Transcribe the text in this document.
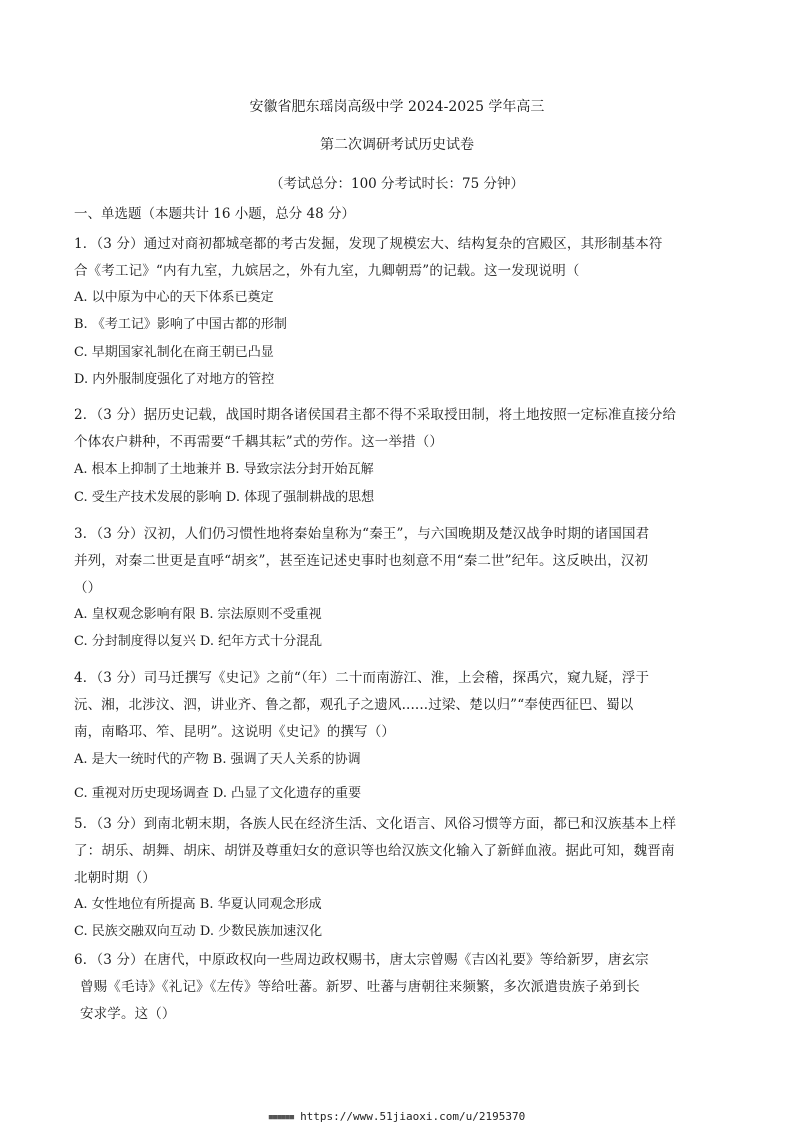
安徽省肥东瑶岗高级中学 2024-2025 学年高三
第二次调研考试历史试卷
（考试总分：100 分考试时长：75 分钟）
一、单选题（本题共计 16 小题，总分 48 分）
1．（3 分）通过对商初都城亳都的考古发掘，发现了规模宏大、结构复杂的宫殿区，其形制基本符
合《考工记》“内有九室，九嫔居之，外有九室，九卿朝焉”的记载。这一发现说明（
A. 以中原为中心的天下体系已奠定
B. 《考工记》影响了中国古都的形制
C. 早期国家礼制化在商王朝已凸显
D. 内外服制度强化了对地方的管控
2．（3 分）据历史记载，战国时期各诸侯国君主都不得不采取授田制，将土地按照一定标准直接分给
个体农户耕种，不再需要“千耦其耘”式的劳作。这一举措（）
A. 根本上抑制了土地兼并 B. 导致宗法分封开始瓦解
C. 受生产技术发展的影响 D. 体现了强制耕战的思想
3．（3 分）汉初，人们仍习惯性地将秦始皇称为“秦王”，与六国晚期及楚汉战争时期的诸国国君
并列，对秦二世更是直呼“胡亥”，甚至连记述史事时也刻意不用“秦二世”纪年。这反映出，汉初
（）
A. 皇权观念影响有限 B. 宗法原则不受重视
C. 分封制度得以复兴 D. 纪年方式十分混乱
4．（3 分）司马迁撰写《史记》之前“（年）二十而南游江、淮，上会稽，探禹穴，窥九疑，浮于
沅、湘，北涉汶、泗，讲业齐、鲁之都，观孔子之遗风......过梁、楚以归”“奉使西征巴、蜀以
南，南略邛、笮、昆明”。这说明《史记》的撰写（）
A. 是大一统时代的产物 B. 强调了天人关系的协调
C. 重视对历史现场调查 D. 凸显了文化遗存的重要
5．（3 分）到南北朝末期，各族人民在经济生活、文化语言、风俗习惯等方面，都已和汉族基本上样
了：胡乐、胡舞、胡床、胡饼及尊重妇女的意识等也给汉族文化输入了新鲜血液。据此可知，魏晋南
北朝时期（）
A. 女性地位有所提高 B. 华夏认同观念形成
C. 民族交融双向互动 D. 少数民族加速汉化
6．（3 分）在唐代，中原政权向一些周边政权赐书，唐太宗曾赐《吉凶礼要》等给新罗，唐玄宗
曾赐《毛诗》《礼记》《左传》等给吐蕃。新罗、吐蕃与唐朝往来频繁，多次派遣贵族子弟到长
安求学。这（）
■■■■■■ https://www.51jiaoxi.com/u/2195370
